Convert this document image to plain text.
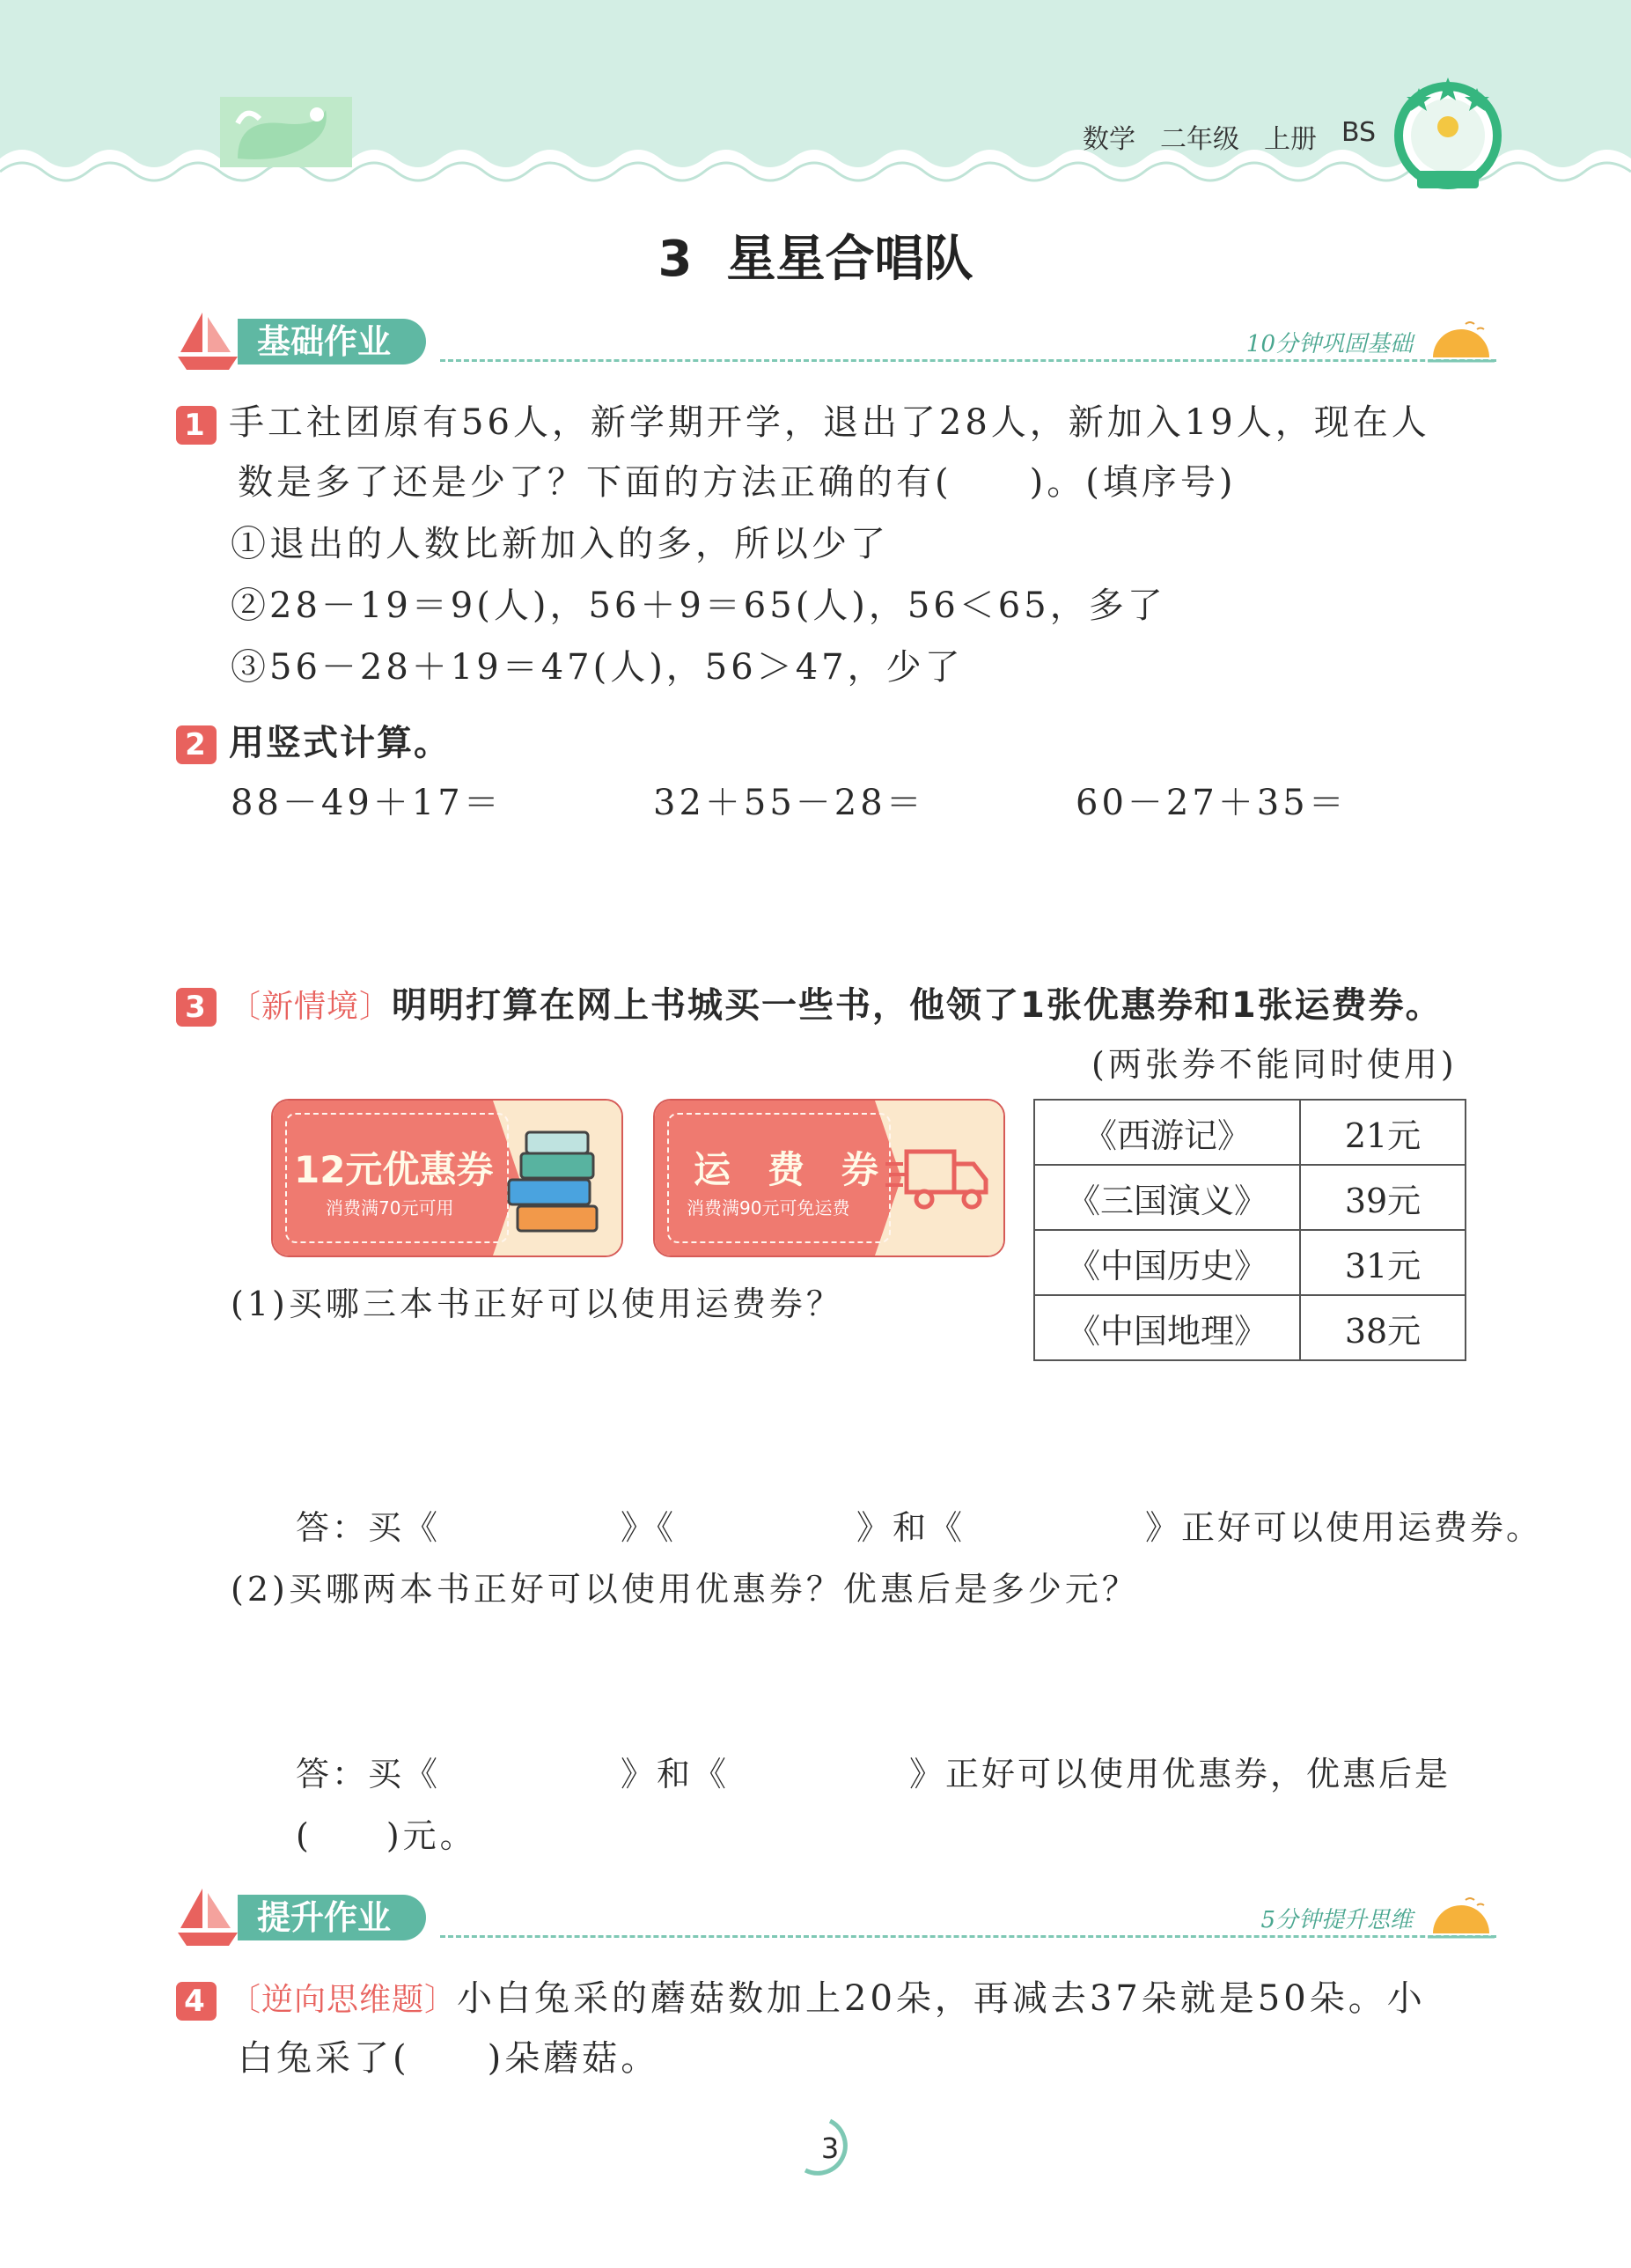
数学 二年级 上册 BS
3  星星合唱队
基础作业	10分钟巩固基础
1 手工社团原有56人，新学期开学，退出了28人，新加入19人，现在人
数是多了还是少了？下面的方法正确的有(　　)。(填序号)
①退出的人数比新加入的多，所以少了
②28－19＝9(人)，56＋9＝65(人)，56＜65，多了
③56－28＋19＝47(人)，56＞47，少了
2 用竖式计算。
88－49＋17＝	32＋55－28＝	60－27＋35＝
3 〔新情境〕明明打算在网上书城买一些书，他领了1张优惠券和1张运费券。
(两张券不能同时使用)
12元优惠券
消费满70元可用
运　费　券
消费满90元可免运费
《西游记》	21元
《三国演义》	39元
《中国历史》	31元
《中国地理》	38元
(1)买哪三本书正好可以使用运费券？
答：买《　　　　　》《　　　　　》和《　　　　　》正好可以使用运费券。
(2)买哪两本书正好可以使用优惠券？优惠后是多少元？
答：买《　　　　　》和《　　　　　》正好可以使用优惠券，优惠后是
(　　)元。
提升作业	5分钟提升思维
4 〔逆向思维题〕小白兔采的蘑菇数加上20朵，再减去37朵就是50朵。小
白兔采了(　　)朵蘑菇。
3
